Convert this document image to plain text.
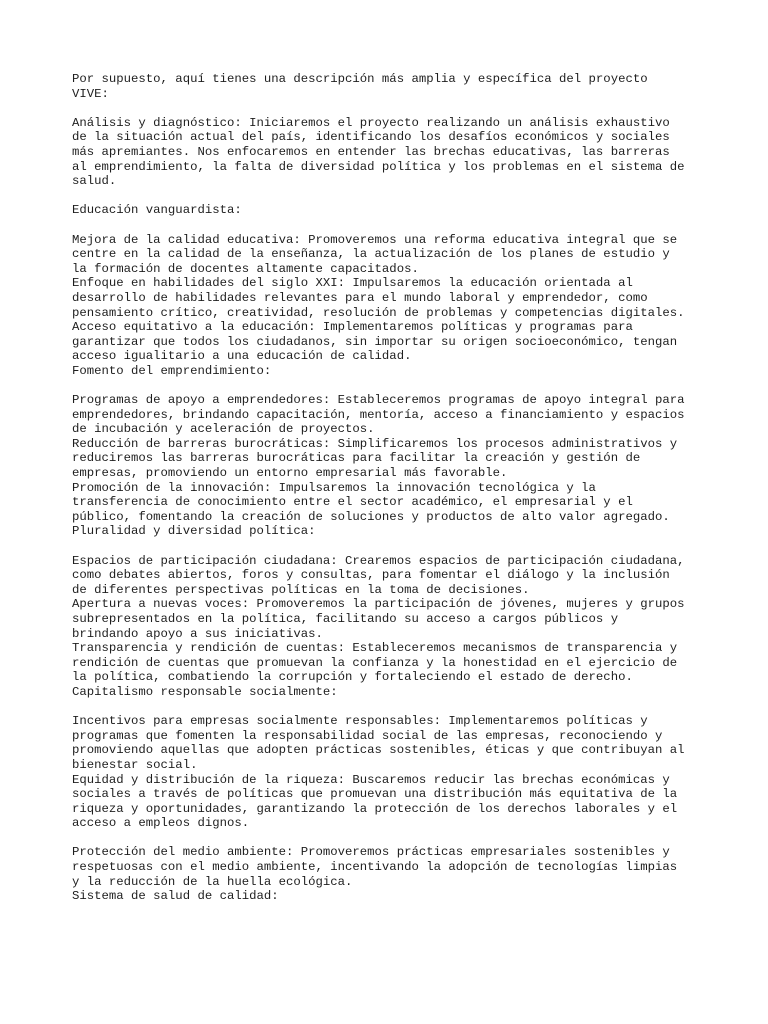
Por supuesto, aquí tienes una descripción más amplia y específica del proyecto
VIVE:
Análisis y diagnóstico: Iniciaremos el proyecto realizando un análisis exhaustivo
de la situación actual del país, identificando los desafíos económicos y sociales
más apremiantes. Nos enfocaremos en entender las brechas educativas, las barreras
al emprendimiento, la falta de diversidad política y los problemas en el sistema de
salud.
Educación vanguardista:
Mejora de la calidad educativa: Promoveremos una reforma educativa integral que se
centre en la calidad de la enseñanza, la actualización de los planes de estudio y
la formación de docentes altamente capacitados.
Enfoque en habilidades del siglo XXI: Impulsaremos la educación orientada al
desarrollo de habilidades relevantes para el mundo laboral y emprendedor, como
pensamiento crítico, creatividad, resolución de problemas y competencias digitales.
Acceso equitativo a la educación: Implementaremos políticas y programas para
garantizar que todos los ciudadanos, sin importar su origen socioeconómico, tengan
acceso igualitario a una educación de calidad.
Fomento del emprendimiento:
Programas de apoyo a emprendedores: Estableceremos programas de apoyo integral para
emprendedores, brindando capacitación, mentoría, acceso a financiamiento y espacios
de incubación y aceleración de proyectos.
Reducción de barreras burocráticas: Simplificaremos los procesos administrativos y
reduciremos las barreras burocráticas para facilitar la creación y gestión de
empresas, promoviendo un entorno empresarial más favorable.
Promoción de la innovación: Impulsaremos la innovación tecnológica y la
transferencia de conocimiento entre el sector académico, el empresarial y el
público, fomentando la creación de soluciones y productos de alto valor agregado.
Pluralidad y diversidad política:
Espacios de participación ciudadana: Crearemos espacios de participación ciudadana,
como debates abiertos, foros y consultas, para fomentar el diálogo y la inclusión
de diferentes perspectivas políticas en la toma de decisiones.
Apertura a nuevas voces: Promoveremos la participación de jóvenes, mujeres y grupos
subrepresentados en la política, facilitando su acceso a cargos públicos y
brindando apoyo a sus iniciativas.
Transparencia y rendición de cuentas: Estableceremos mecanismos de transparencia y
rendición de cuentas que promuevan la confianza y la honestidad en el ejercicio de
la política, combatiendo la corrupción y fortaleciendo el estado de derecho.
Capitalismo responsable socialmente:
Incentivos para empresas socialmente responsables: Implementaremos políticas y
programas que fomenten la responsabilidad social de las empresas, reconociendo y
promoviendo aquellas que adopten prácticas sostenibles, éticas y que contribuyan al
bienestar social.
Equidad y distribución de la riqueza: Buscaremos reducir las brechas económicas y
sociales a través de políticas que promuevan una distribución más equitativa de la
riqueza y oportunidades, garantizando la protección de los derechos laborales y el
acceso a empleos dignos.
Protección del medio ambiente: Promoveremos prácticas empresariales sostenibles y
respetuosas con el medio ambiente, incentivando la adopción de tecnologías limpias
y la reducción de la huella ecológica.
Sistema de salud de calidad:
